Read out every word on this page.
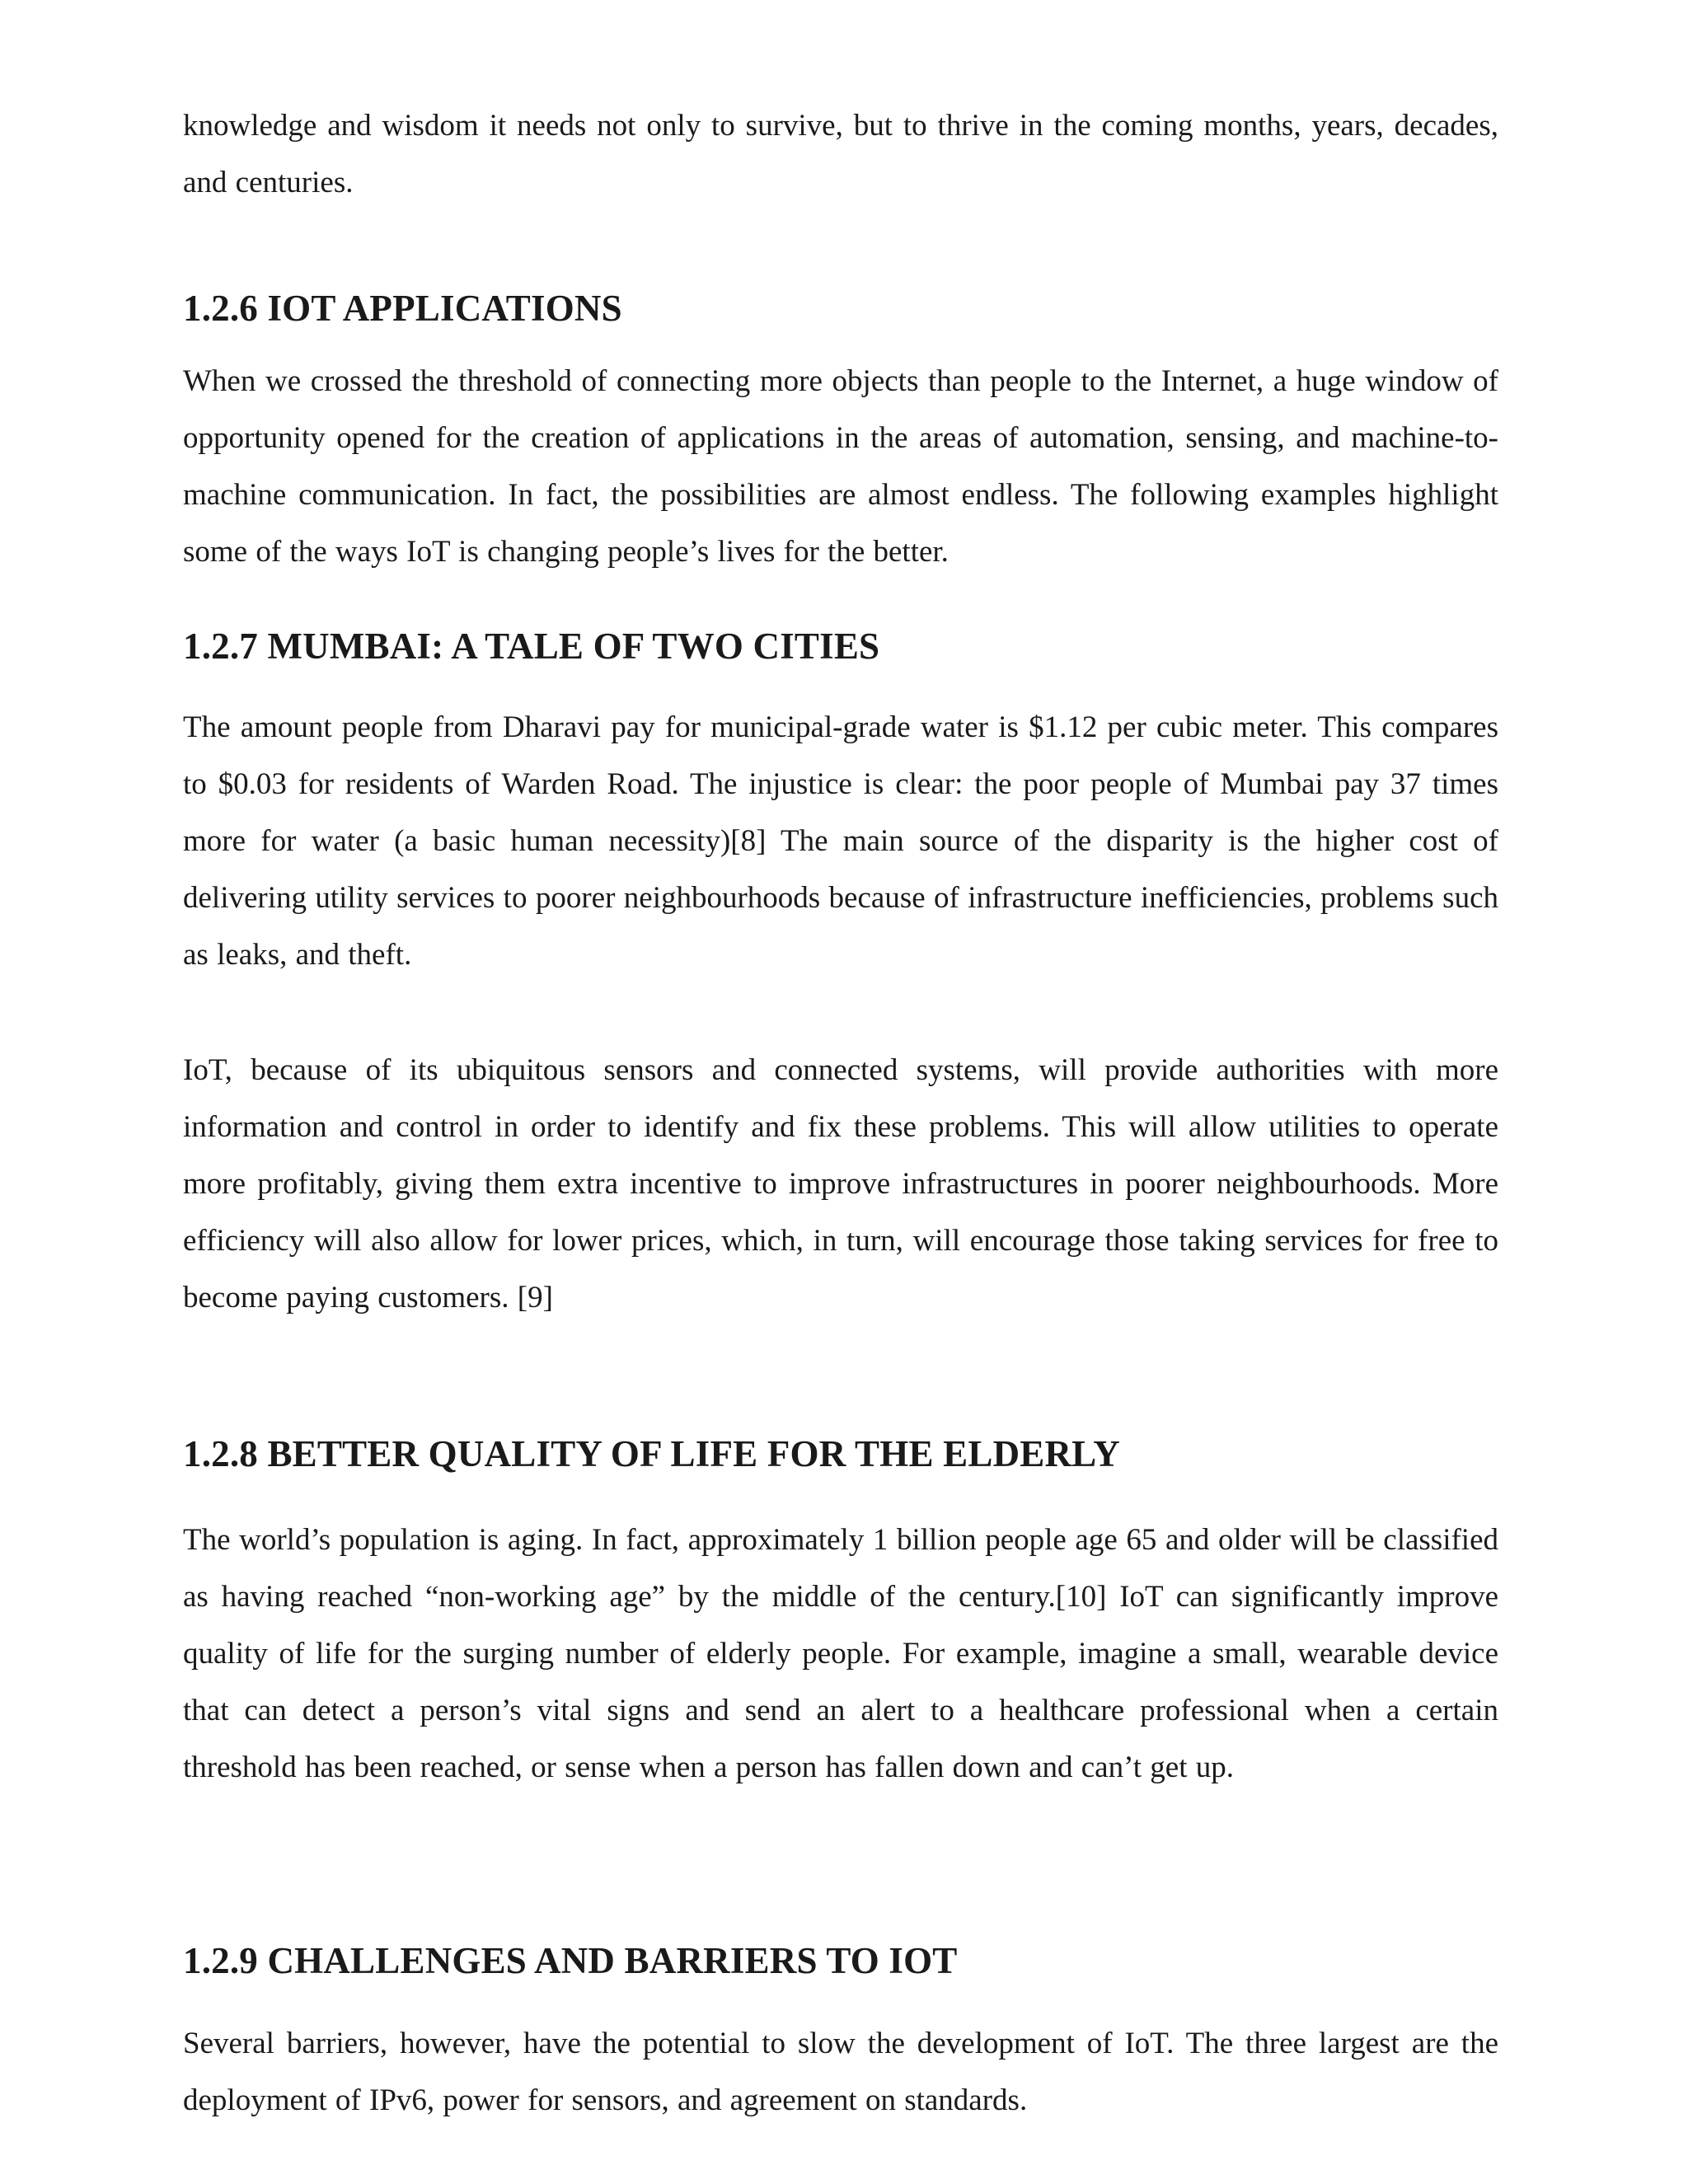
knowledge and wisdom it needs not only to survive, but to thrive in the coming months, years, decades, and centuries.

1.2.6 IOT APPLICATIONS

When we crossed the threshold of connecting more objects than people to the Internet, a huge window of opportunity opened for the creation of applications in the areas of automation, sensing, and machine-to-machine communication. In fact, the possibilities are almost endless. The following examples highlight some of the ways IoT is changing people’s lives for the better.

1.2.7 MUMBAI: A TALE OF TWO CITIES

The amount people from Dharavi pay for municipal-grade water is $1.12 per cubic meter. This compares to $0.03 for residents of Warden Road. The injustice is clear: the poor people of Mumbai pay 37 times more for water (a basic human necessity)[8] The main source of the disparity is the higher cost of delivering utility services to poorer neighbourhoods because of infrastructure inefficiencies, problems such as leaks, and theft.

IoT, because of its ubiquitous sensors and connected systems, will provide authorities with more information and control in order to identify and fix these problems. This will allow utilities to operate more profitably, giving them extra incentive to improve infrastructures in poorer neighbourhoods. More efficiency will also allow for lower prices, which, in turn, will encourage those taking services for free to become paying customers. [9]

1.2.8 BETTER QUALITY OF LIFE FOR THE ELDERLY

The world’s population is aging. In fact, approximately 1 billion people age 65 and older will be classified as having reached “non-working age” by the middle of the century.[10] IoT can significantly improve quality of life for the surging number of elderly people. For example, imagine a small, wearable device that can detect a person’s vital signs and send an alert to a healthcare professional when a certain threshold has been reached, or sense when a person has fallen down and can’t get up.

1.2.9 CHALLENGES AND BARRIERS TO IOT

Several barriers, however, have the potential to slow the development of IoT. The three largest are the deployment of IPv6, power for sensors, and agreement on standards.
